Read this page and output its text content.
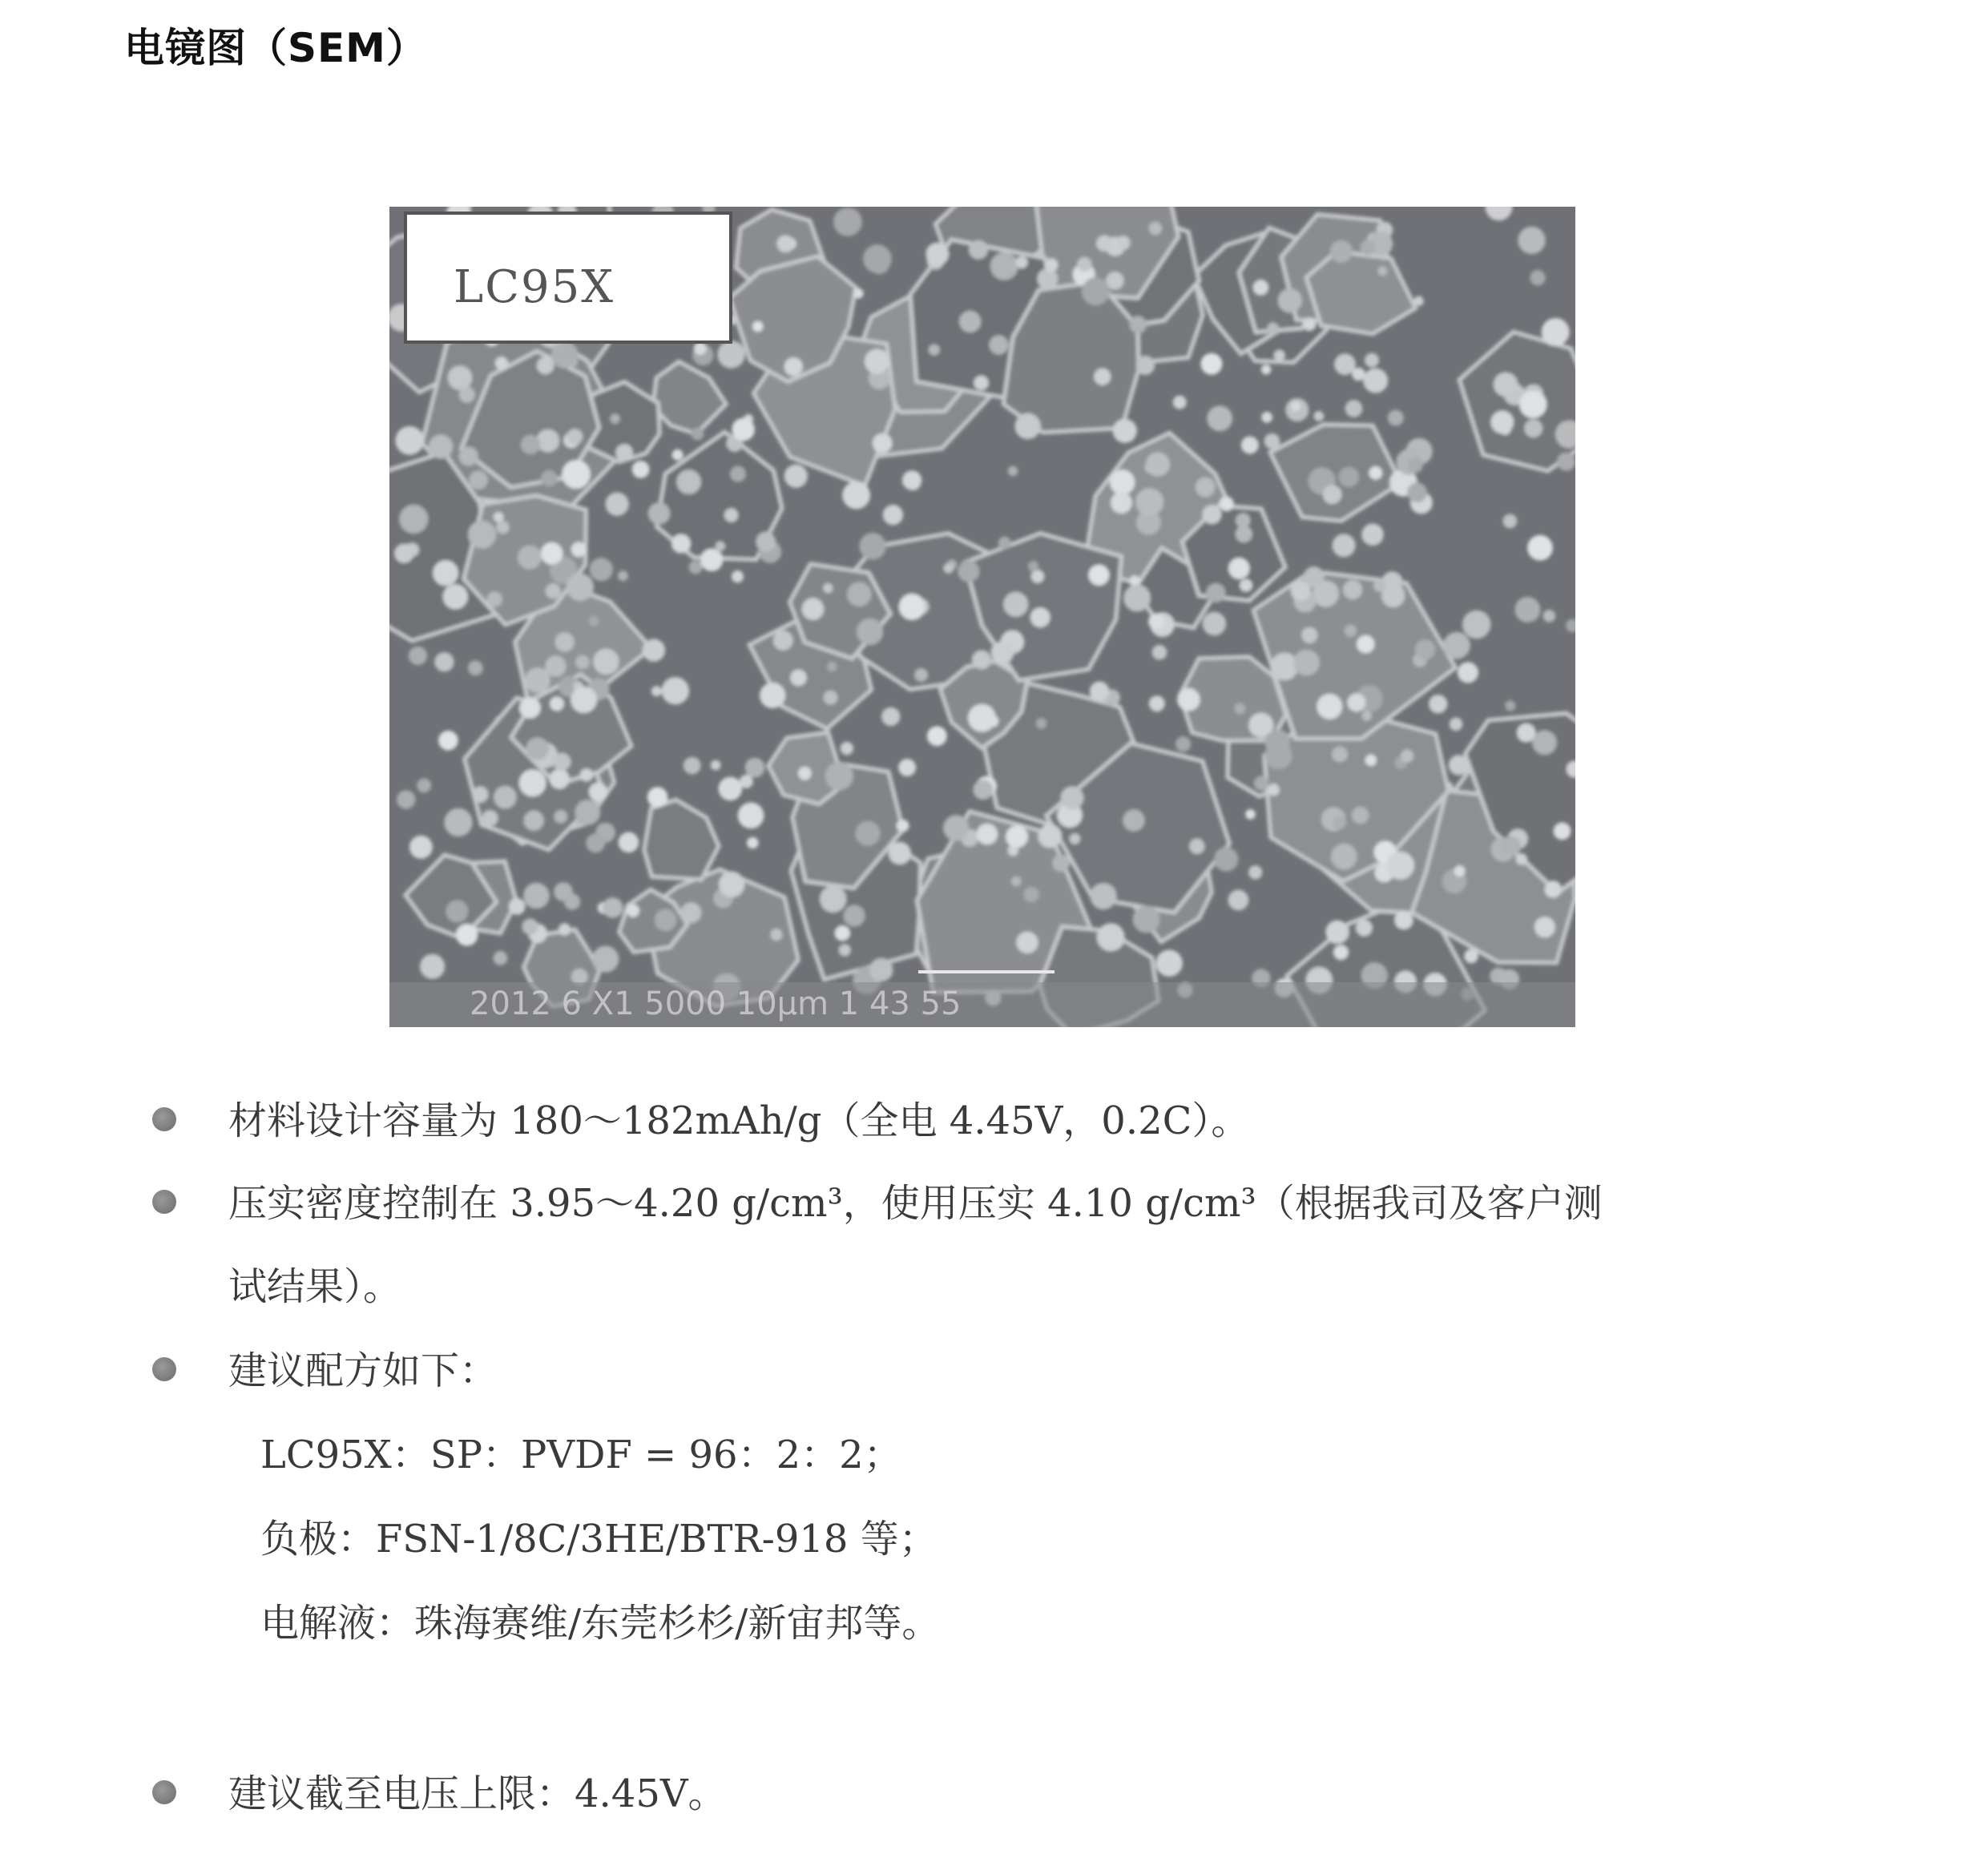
电镜图（SEM）
2012 6 X1 5000 10μm 1 43 55
LC95X
材料设计容量为 180～182mAh/g（全电 4.45V，0.2C）。
压实密度控制在 3.95～4.20 g/cm³，使用压实 4.10 g/cm³（根据我司及客户测
试结果）。
建议配方如下：
LC95X：SP：PVDF = 96：2：2；
负极：FSN-1/8C/3HE/BTR-918 等；
电解液：珠海赛维/东莞杉杉/新宙邦等。
建议截至电压上限：4.45V。
